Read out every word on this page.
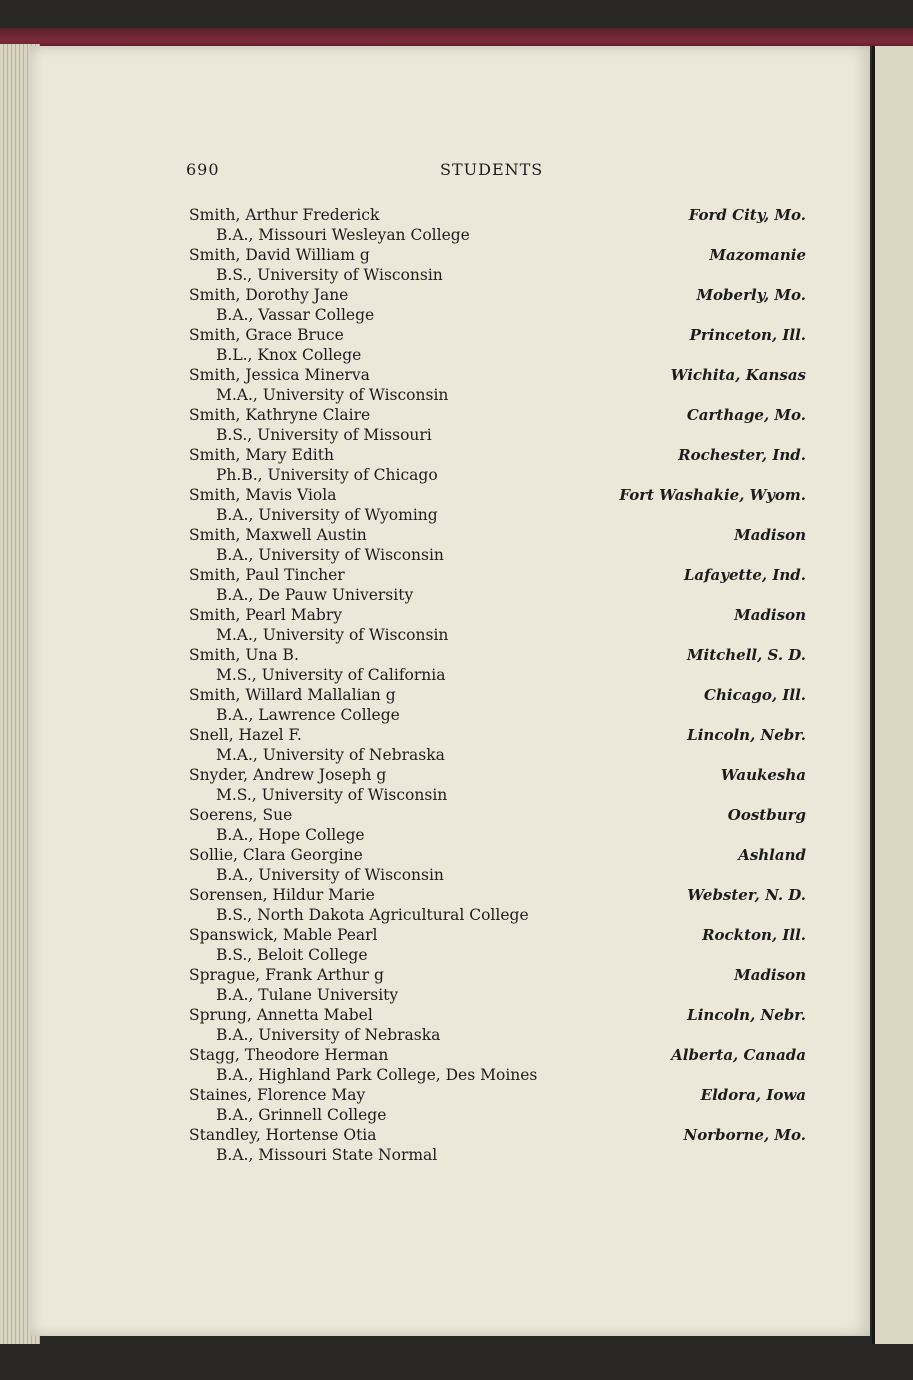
690	STUDENTS
Smith, Arthur Frederick
B.A., Missouri Wesleyan College
Ford City, Mo.
Smith, David William g
B.S., University of Wisconsin
Mazomanie
Smith, Dorothy Jane
B.A., Vassar College
Moberly, Mo.
Smith, Grace Bruce
B.L., Knox College
Princeton, Ill.
Smith, Jessica Minerva
M.A., University of Wisconsin
Wichita, Kansas
Smith, Kathryne Claire
B.S., University of Missouri
Carthage, Mo.
Smith, Mary Edith
Ph.B., University of Chicago
Rochester, Ind.
Smith, Mavis Viola
B.A., University of Wyoming
Fort Washakie, Wyom.
Smith, Maxwell Austin
B.A., University of Wisconsin
Madison
Smith, Paul Tincher
B.A., De Pauw University
Lafayette, Ind.
Smith, Pearl Mabry
M.A., University of Wisconsin
Madison
Smith, Una B.
M.S., University of California
Mitchell, S. D.
Smith, Willard Mallalian g
B.A., Lawrence College
Chicago, Ill.
Snell, Hazel F.
M.A., University of Nebraska
Lincoln, Nebr.
Snyder, Andrew Joseph g
M.S., University of Wisconsin
Waukesha
Soerens, Sue
B.A., Hope College
Oostburg
Sollie, Clara Georgine
B.A., University of Wisconsin
Ashland
Sorensen, Hildur Marie
B.S., North Dakota Agricultural College
Webster, N. D.
Spanswick, Mable Pearl
B.S., Beloit College
Rockton, Ill.
Sprague, Frank Arthur g
B.A., Tulane University
Madison
Sprung, Annetta Mabel
B.A., University of Nebraska
Lincoln, Nebr.
Stagg, Theodore Herman
B.A., Highland Park College, Des Moines
Alberta, Canada
Staines, Florence May
B.A., Grinnell College
Eldora, Iowa
Standley, Hortense Otia
B.A., Missouri State Normal
Norborne, Mo.
